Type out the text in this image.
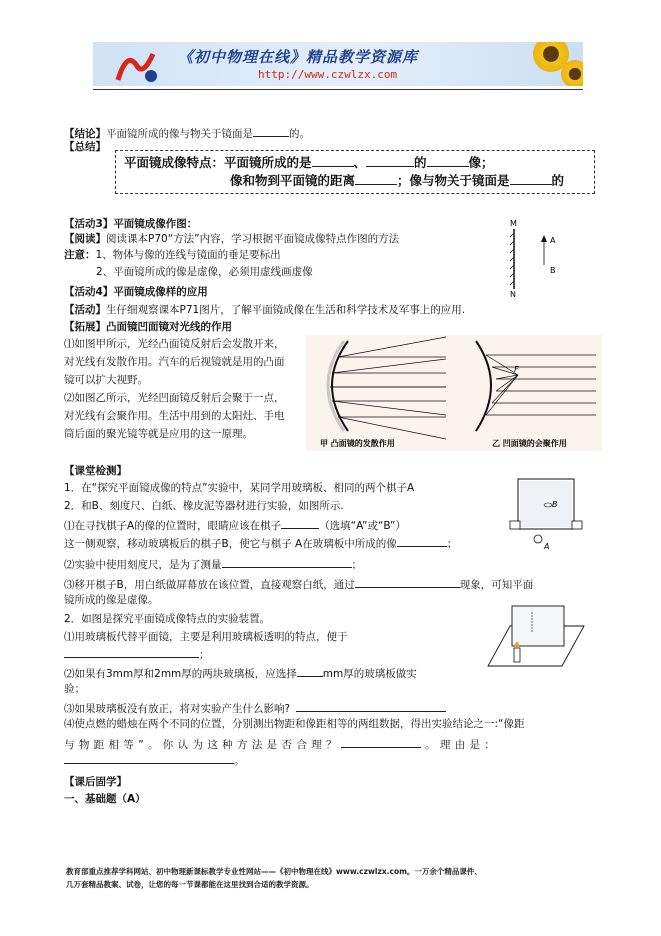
《初中物理在线》精品教学资源库
http://www.czwlzx.com
【结论】平面镜所成的像与物关于镜面是	的。
【总结】
平面镜成像特点：平面镜所成的是	、	的	像；
像和物到平面镜的距离	；像与物关于镜面是	的
【活动3】平面镜成像作图：
【阅读】阅读课本P70“方法”内容，学习根据平面镜成像特点作图的方法
注意：1、物体与像的连线与镜面的垂足要标出
2、平面镜所成的像是虚像，必须用虚线画虚像
M
N
A
B
【活动4】平面镜成像样的应用
【活动】生仔细观察课本P71图片，了解平面镜成像在生活和科学技术及军事上的应用.
【拓展】凸面镜凹面镜对光线的作用
⑴如图甲所示，光经凸面镜反射后会发散开来，
对光线有发散作用。汽车的后视镜就是用的凸面
镜可以扩大视野。
⑵如图乙所示，光经凹面镜反射后会聚于一点，
对光线有会聚作用。生活中用到的太阳灶、手电
筒后面的聚光镜等就是应用的这一原理。
甲 凸面镜的发散作用
F
乙 凹面镜的会聚作用
【课堂检测】
1．在“探究平面镜成像的特点”实验中，某同学用玻璃板、相同的两个棋子A
2．和B、刻度尺、白纸、橡皮泥等器材进行实验，如图所示.
⑴在寻找棋子A的像的位置时，眼睛应该在棋子	（选填“A”或“B”）
这一侧观察，移动玻璃板后的棋子B，使它与棋子 A在玻璃板中所成的像	；
⑵实验中使用刻度尺，是为了测量	；
⑶移开棋子B，用白纸做屏幕放在该位置，直接观察白纸，通过	现象，可知平面
镜所成的像是虚像。
B
A
2．如图是探究平面镜成像特点的实验装置。
⑴用玻璃板代替平面镜，主要是利用玻璃板透明的特点，便于
；
⑵如果有3mm厚和2mm厚的两块玻璃板，应选择 mm厚的玻璃板做实
验；
⑶如果玻璃板没有放正，将对实验产生什么影响?
⑷使点燃的蜡烛在两个不同的位置，分别测出物距和像距相等的两组数据，得出实验结论之一:“像距
与 物 距 相 等 ” 。 你 认 为 这 种 方 法 是 否 合 理 ？	。 理 由 是 ：
。
【课后固学】
一、基础题（A）
教育部重点推荐学科网站、初中物理新课标教学专业性网站——《初中物理在线》www.czwlzx.com。一万余个精品课件、
几万套精品教案、试卷，让您的每一节课都能在这里找到合适的教学资源。
